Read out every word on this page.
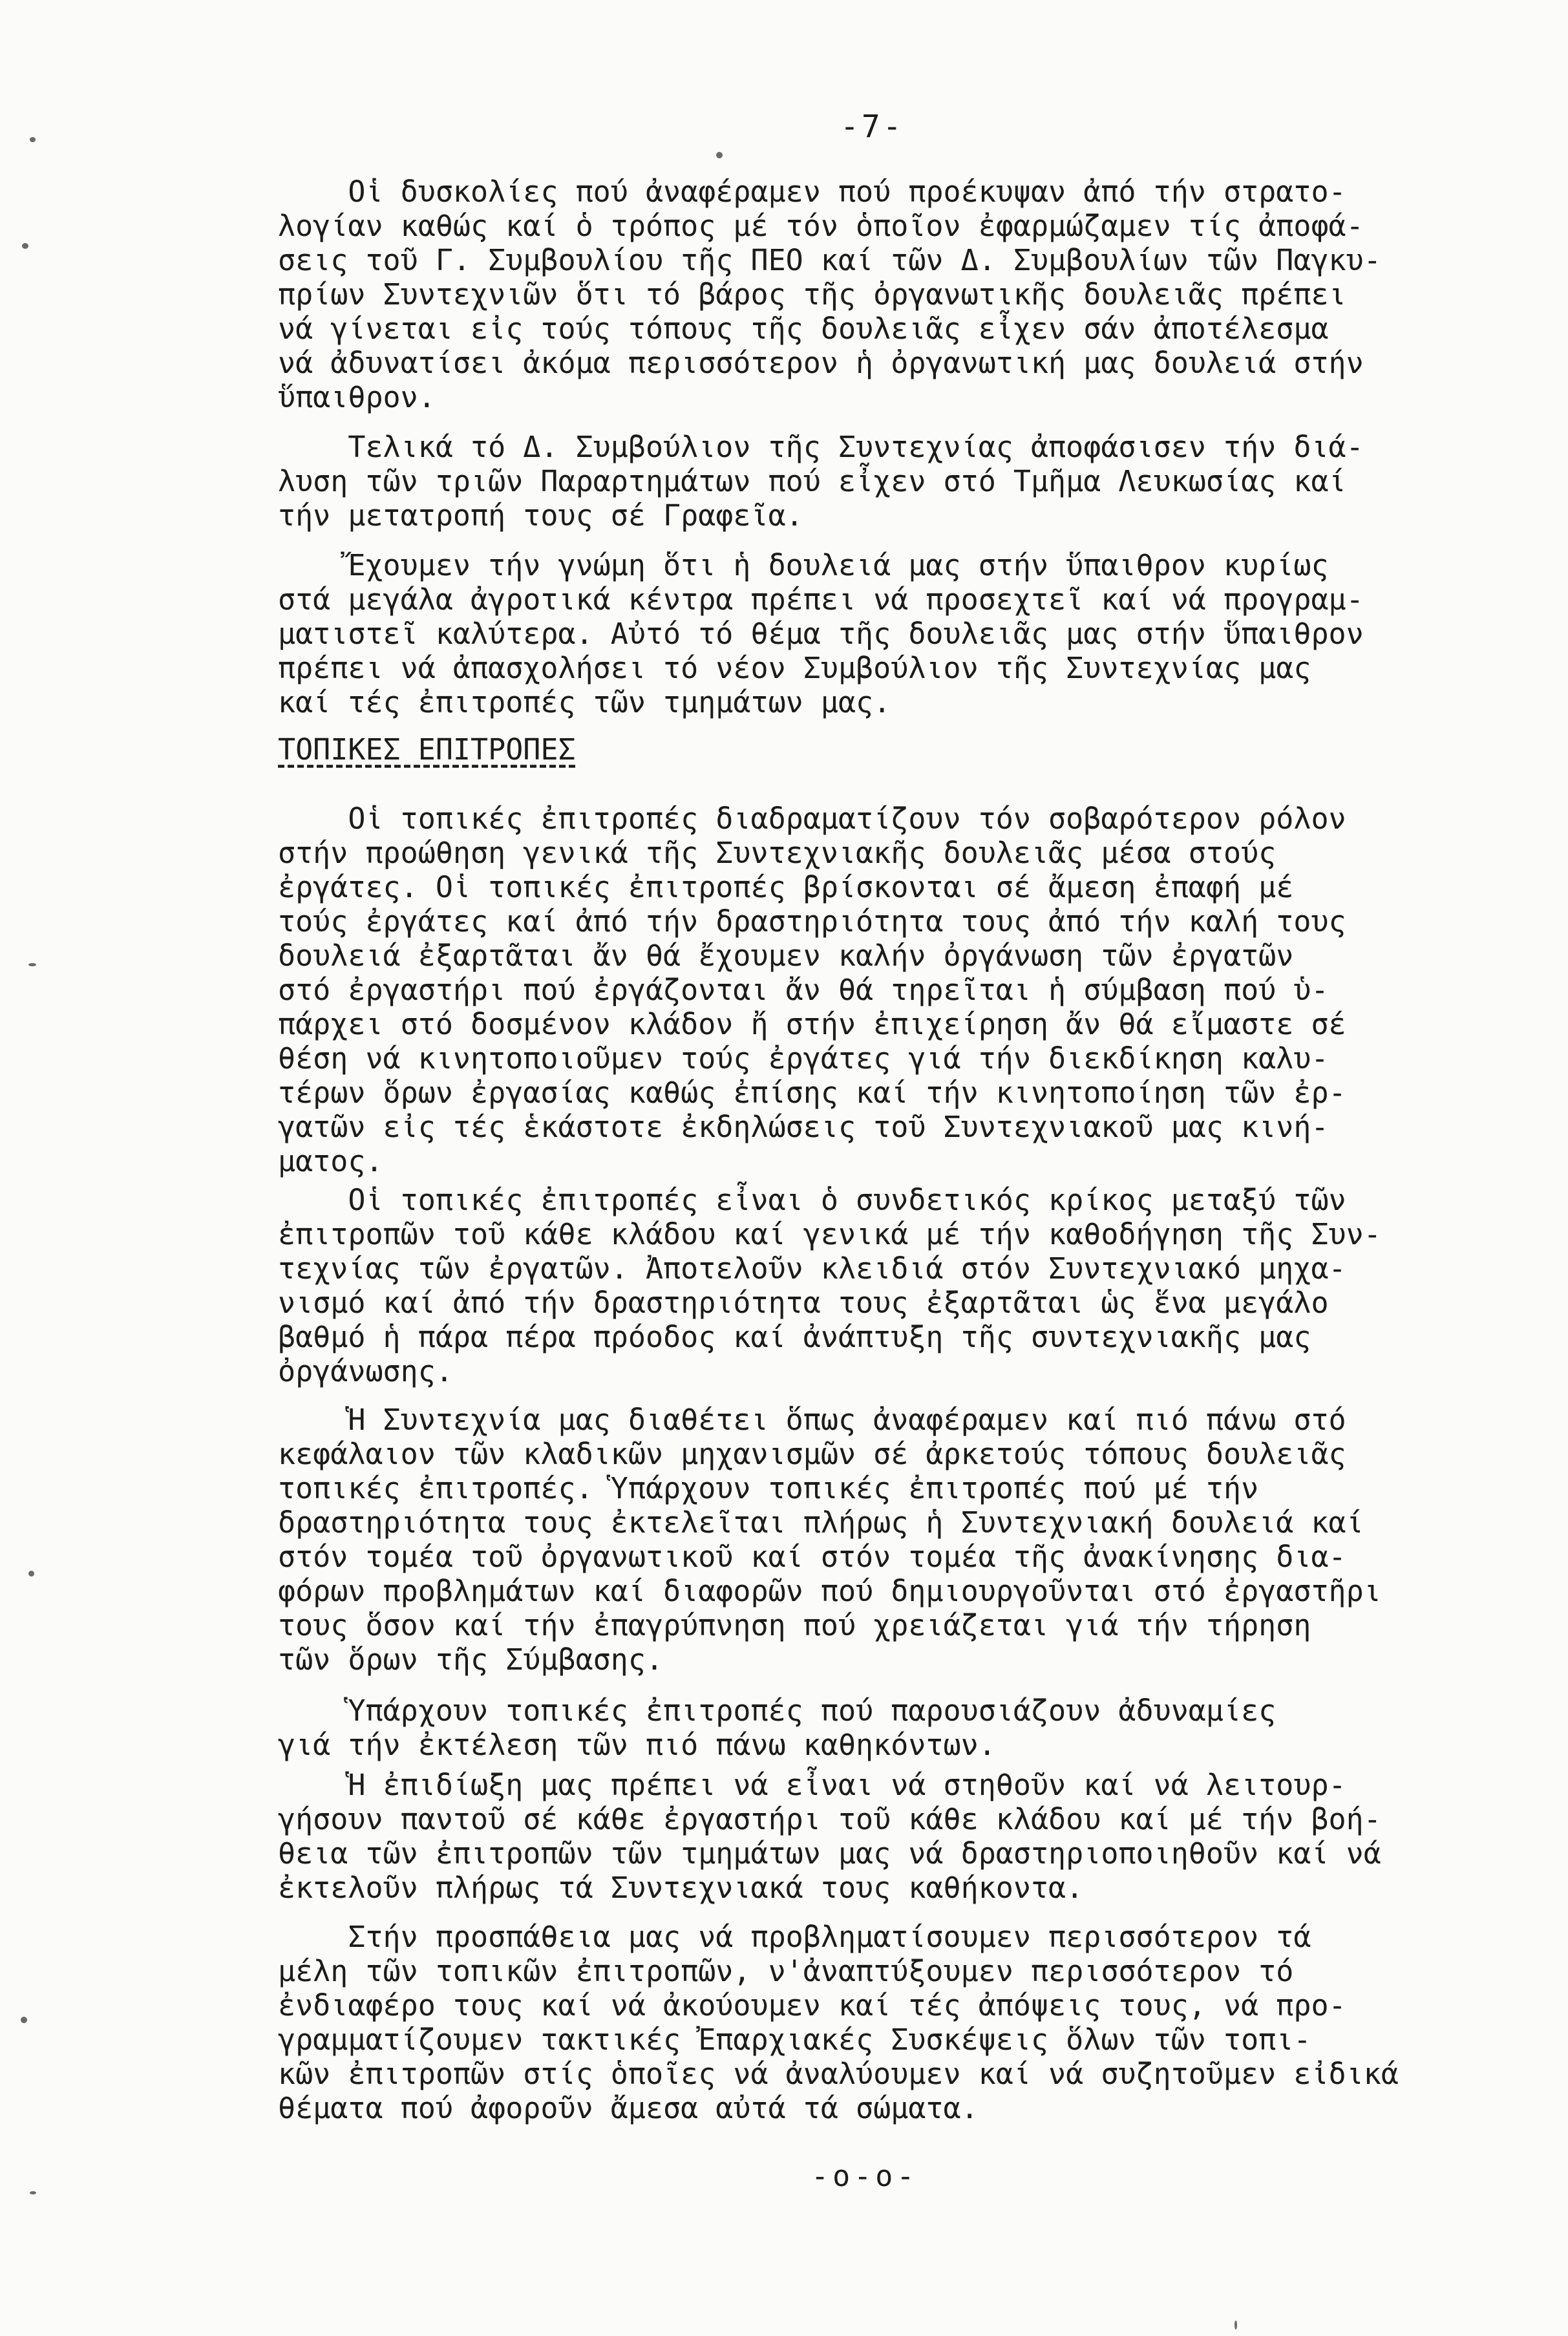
-7-
Οἱ δυσκολίες πού ἀναφέραμεν πού προέκυψαν ἀπό τήν στρατο-
λογίαν καθώς καί ὁ τρόπος μέ τόν ὁποῖον ἐφαρμώζαμεν τίς ἀποφά-
σεις τοῦ Γ. Συμβουλίου τῆς ΠΕΟ καί τῶν Δ. Συμβουλίων τῶν Παγκυ-
πρίων Συντεχνιῶν ὅτι τό βάρος τῆς ὀργανωτικῆς δουλειᾶς πρέπει
νά γίνεται εἰς τούς τόπους τῆς δουλειᾶς εἶχεν σάν ἀποτέλεσμα
νά ἀδυνατίσει ἀκόμα περισσότερον ἡ ὀργανωτική μας δουλειά στήν
ὕπαιθρον.
Τελικά τό Δ. Συμβούλιον τῆς Συντεχνίας ἀποφάσισεν τήν διά-
λυση τῶν τριῶν Παραρτημάτων πού εἶχεν στό Τμῆμα Λευκωσίας καί
τήν μετατροπή τους σέ Γραφεῖα.
Ἔχουμεν τήν γνώμη ὅτι ἡ δουλειά μας στήν ὕπαιθρον κυρίως
στά μεγάλα ἀγροτικά κέντρα πρέπει νά προσεχτεῖ καί νά προγραμ-
ματιστεῖ καλύτερα. Αὐτό τό θέμα τῆς δουλειᾶς μας στήν ὕπαιθρον
πρέπει νά ἀπασχολήσει τό νέον Συμβούλιον τῆς Συντεχνίας μας
καί τές ἐπιτροπές τῶν τμημάτων μας.
ΤΟΠΙΚΕΣ ΕΠΙΤΡΟΠΕΣ
Οἱ τοπικές ἐπιτροπές διαδραματίζουν τόν σοβαρότερον ρόλον
στήν προώθηση γενικά τῆς Συντεχνιακῆς δουλειᾶς μέσα στούς
ἐργάτες. Οἱ τοπικές ἐπιτροπές βρίσκονται σέ ἄμεση ἐπαφή μέ
τούς ἐργάτες καί ἀπό τήν δραστηριότητα τους ἀπό τήν καλή τους
δουλειά ἐξαρτᾶται ἄν θά ἔχουμεν καλήν ὀργάνωση τῶν ἐργατῶν
στό ἐργαστήρι πού ἐργάζονται ἄν θά τηρεῖται ἡ σύμβαση πού ὑ-
πάρχει στό δοσμένον κλάδον ἤ στήν ἐπιχείρηση ἄν θά εἴμαστε σέ
θέση νά κινητοποιοῦμεν τούς ἐργάτες γιά τήν διεκδίκηση καλυ-
τέρων ὅρων ἐργασίας καθώς ἐπίσης καί τήν κινητοποίηση τῶν ἐρ-
γατῶν εἰς τές ἑκάστοτε ἐκδηλώσεις τοῦ Συντεχνιακοῦ μας κινή-
ματος.
Οἱ τοπικές ἐπιτροπές εἶναι ὁ συνδετικός κρίκος μεταξύ τῶν
ἐπιτροπῶν τοῦ κάθε κλάδου καί γενικά μέ τήν καθοδήγηση τῆς Συν-
τεχνίας τῶν ἐργατῶν. Ἀποτελοῦν κλειδιά στόν Συντεχνιακό μηχα-
νισμό καί ἀπό τήν δραστηριότητα τους ἐξαρτᾶται ὡς ἕνα μεγάλο
βαθμό ἡ πάρα πέρα πρόοδος καί ἀνάπτυξη τῆς συντεχνιακῆς μας
ὀργάνωσης.
Ἡ Συντεχνία μας διαθέτει ὅπως ἀναφέραμεν καί πιό πάνω στό
κεφάλαιον τῶν κλαδικῶν μηχανισμῶν σέ ἀρκετούς τόπους δουλειᾶς
τοπικές ἐπιτροπές. Ὑπάρχουν τοπικές ἐπιτροπές πού μέ τήν
δραστηριότητα τους ἐκτελεῖται πλήρως ἡ Συντεχνιακή δουλειά καί
στόν τομέα τοῦ ὀργανωτικοῦ καί στόν τομέα τῆς ἀνακίνησης δια-
φόρων προβλημάτων καί διαφορῶν πού δημιουργοῦνται στό ἐργαστῆρι
τους ὅσον καί τήν ἐπαγρύπνηση πού χρειάζεται γιά τήν τήρηση
τῶν ὅρων τῆς Σύμβασης.
Ὑπάρχουν τοπικές ἐπιτροπές πού παρουσιάζουν ἀδυναμίες
γιά τήν ἐκτέλεση τῶν πιό πάνω καθηκόντων.
Ἡ ἐπιδίωξη μας πρέπει νά εἶναι νά στηθοῦν καί νά λειτουρ-
γήσουν παντοῦ σέ κάθε ἐργαστήρι τοῦ κάθε κλάδου καί μέ τήν βοή-
θεια τῶν ἐπιτροπῶν τῶν τμημάτων μας νά δραστηριοποιηθοῦν καί νά
ἐκτελοῦν πλήρως τά Συντεχνιακά τους καθήκοντα.
Στήν προσπάθεια μας νά προβληματίσουμεν περισσότερον τά
μέλη τῶν τοπικῶν ἐπιτροπῶν, ν'ἀναπτύξουμεν περισσότερον τό
ἐνδιαφέρο τους καί νά ἀκούουμεν καί τές ἀπόψεις τους, νά προ-
γραμματίζουμεν τακτικές Ἐπαρχιακές Συσκέψεις ὅλων τῶν τοπι-
κῶν ἐπιτροπῶν στίς ὁποῖες νά ἀναλύουμεν καί νά συζητοῦμεν εἰδικά
θέματα πού ἀφοροῦν ἄμεσα αὐτά τά σώματα.
-o-o-
